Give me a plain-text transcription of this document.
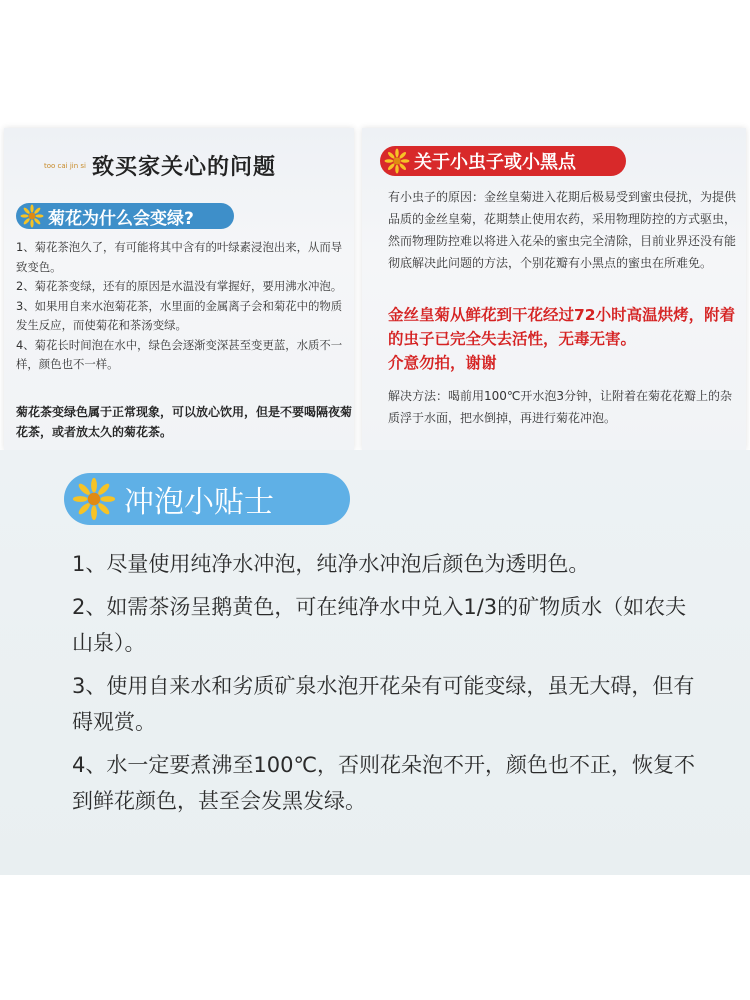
too cai jin si 致买家关心的问题
菊花为什么会变绿?

1、菊花茶泡久了，有可能将其中含有的叶绿素浸泡出来，从而导致变色。

2、菊花茶变绿，还有的原因是水温没有掌握好，要用沸水冲泡。

3、如果用自来水泡菊花茶，水里面的金属离子会和菊花中的物质发生反应，而使菊花和茶汤变绿。

4、菊花长时间泡在水中，绿色会逐渐变深甚至变更蓝，水质不一样，颜色也不一样。

菊花茶变绿色属于正常现象，可以放心饮用，但是不要喝隔夜菊花茶，或者放太久的菊花茶。
关于小虫子或小黑点
有小虫子的原因：金丝皇菊进入花期后极易受到蜜虫侵扰，为提供品质的金丝皇菊，花期禁止使用农药，采用物理防控的方式驱虫，然而物理防控难以将进入花朵的蜜虫完全清除，目前业界还没有能彻底解决此问题的方法，个别花瓣有小黑点的蜜虫在所难免。
金丝皇菊从鲜花到干花经过72小时高温烘烤，附着的虫子已完全失去活性，无毒无害。
介意勿拍，谢谢
解决方法：喝前用100℃开水泡3分钟，让附着在菊花花瓣上的杂质浮于水面，把水倒掉，再进行菊花冲泡。
冲泡小贴士

1、尽量使用纯净水冲泡，纯净水冲泡后颜色为透明色。

2、如需茶汤呈鹅黄色，可在纯净水中兑入1/3的矿物质水（如农夫山泉）。

3、使用自来水和劣质矿泉水泡开花朵有可能变绿，虽无大碍，但有碍观赏。

4、水一定要煮沸至100℃，否则花朵泡不开，颜色也不正，恢复不到鲜花颜色，甚至会发黑发绿。
